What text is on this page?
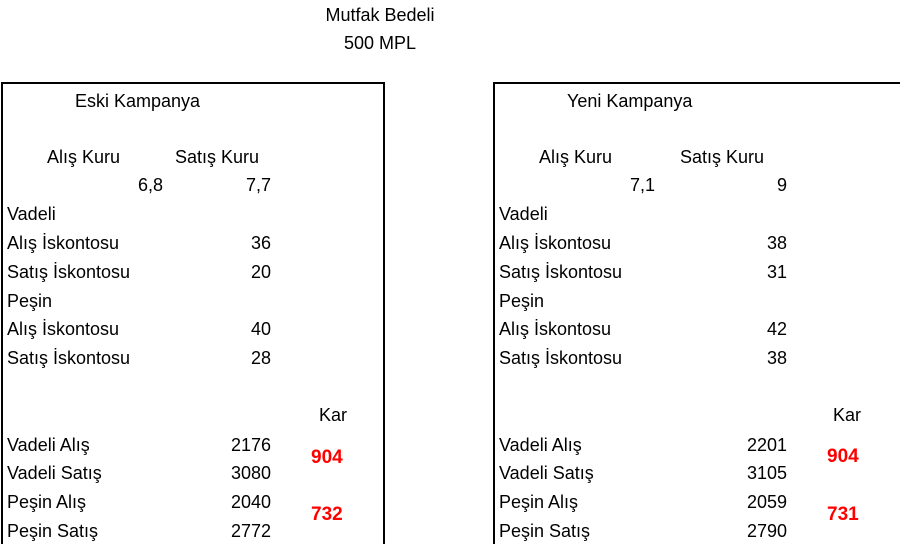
Mutfak Bedeli
500 MPL
Eski Kampanya
Alış Kuru	Satış Kuru
6,8	7,7
Vadeli
Alış İskontosu	36
Satış İskontosu	20
Peşin
Alış İskontosu	40
Satış İskontosu	28
Kar
Vadeli Alış	2176
Vadeli Satış	3080
904
Peşin Alış	2040
Peşin Satış	2772
732
Yeni Kampanya
Alış Kuru	Satış Kuru
7,1	9
Vadeli
Alış İskontosu	38
Satış İskontosu	31
Peşin
Alış İskontosu	42
Satış İskontosu	38
Kar
Vadeli Alış	2201
Vadeli Satış	3105
904
Peşin Alış	2059
Peşin Satış	2790
731
